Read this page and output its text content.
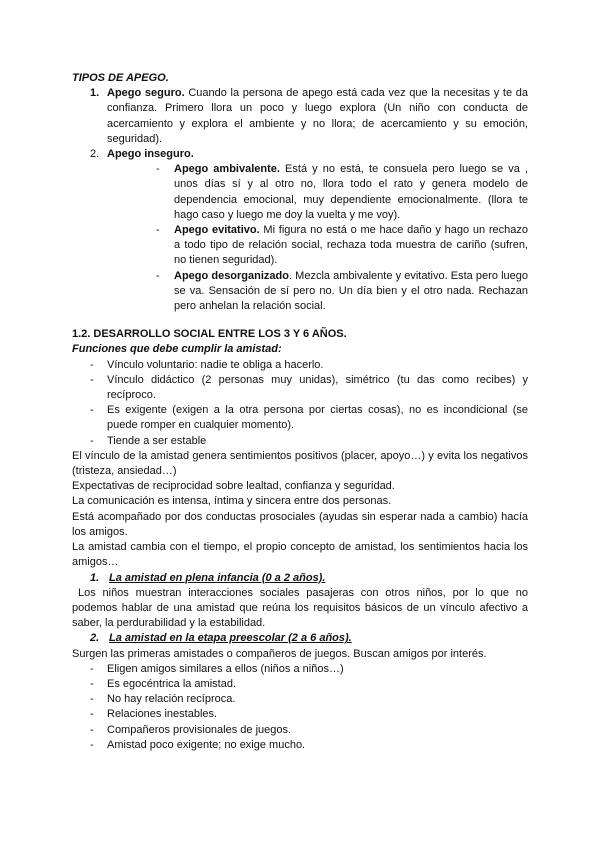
TIPOS DE APEGO.
1. Apego seguro. Cuando la persona de apego está cada vez que la necesitas y te da confianza. Primero llora un poco y luego explora (Un niño con conducta de acercamiento y explora el ambiente y no llora; de acercamiento y su emoción, seguridad).
2. Apego inseguro.
- Apego ambivalente. Está y no está, te consuela pero luego se va , unos días sí y al otro no, llora todo el rato y genera modelo de dependencia emocional, muy dependiente emocionalmente. (llora te hago caso y luego me doy la vuelta y me voy).
- Apego evitativo. Mi figura no está o me hace daño y hago un rechazo a todo tipo de relación social, rechaza toda muestra de cariño (sufren, no tienen seguridad).
- Apego desorganizado. Mezcla ambivalente y evitativo. Esta pero luego se va. Sensación de sí pero no. Un día bien y el otro nada. Rechazan pero anhelan la relación social.
1.2. DESARROLLO SOCIAL ENTRE LOS 3 Y 6 AÑOS.
Funciones que debe cumplir la amistad:
- Vínculo voluntario: nadie te obliga a hacerlo.
- Vínculo didáctico (2 personas muy unidas), simétrico (tu das como recibes) y recíproco.
- Es exigente (exigen a la otra persona por ciertas cosas), no es incondicional (se puede romper en cualquier momento).
- Tiende a ser estable
El vínculo de la amistad genera sentimientos positivos (placer, apoyo…) y evita los negativos (tristeza, ansiedad…)
Expectativas de reciprocidad sobre lealtad, confianza y seguridad.
La comunicación es intensa, íntima y sincera entre dos personas.
Está acompañado por dos conductas prosociales (ayudas sin esperar nada a cambio) hacía los amigos.
La amistad cambia con el tiempo, el propio concepto de amistad, los sentimientos hacia los amigos…
1. La amistad en plena infancia (0 a 2 años).
Los niños muestran interacciones sociales pasajeras con otros niños, por lo que no podemos hablar de una amistad que reúna los requisitos básicos de un vínculo afectivo a saber, la perdurabilidad y la estabilidad.
2. La amistad en la etapa preescolar (2 a 6 años).
Surgen las primeras amistades o compañeros de juegos. Buscan amigos por interés.
- Eligen amigos similares a ellos (niños a niños…)
- Es egocéntrica la amistad.
- No hay relación recíproca.
- Relaciones inestables.
- Compañeros provisionales de juegos.
- Amistad poco exigente; no exige mucho.
